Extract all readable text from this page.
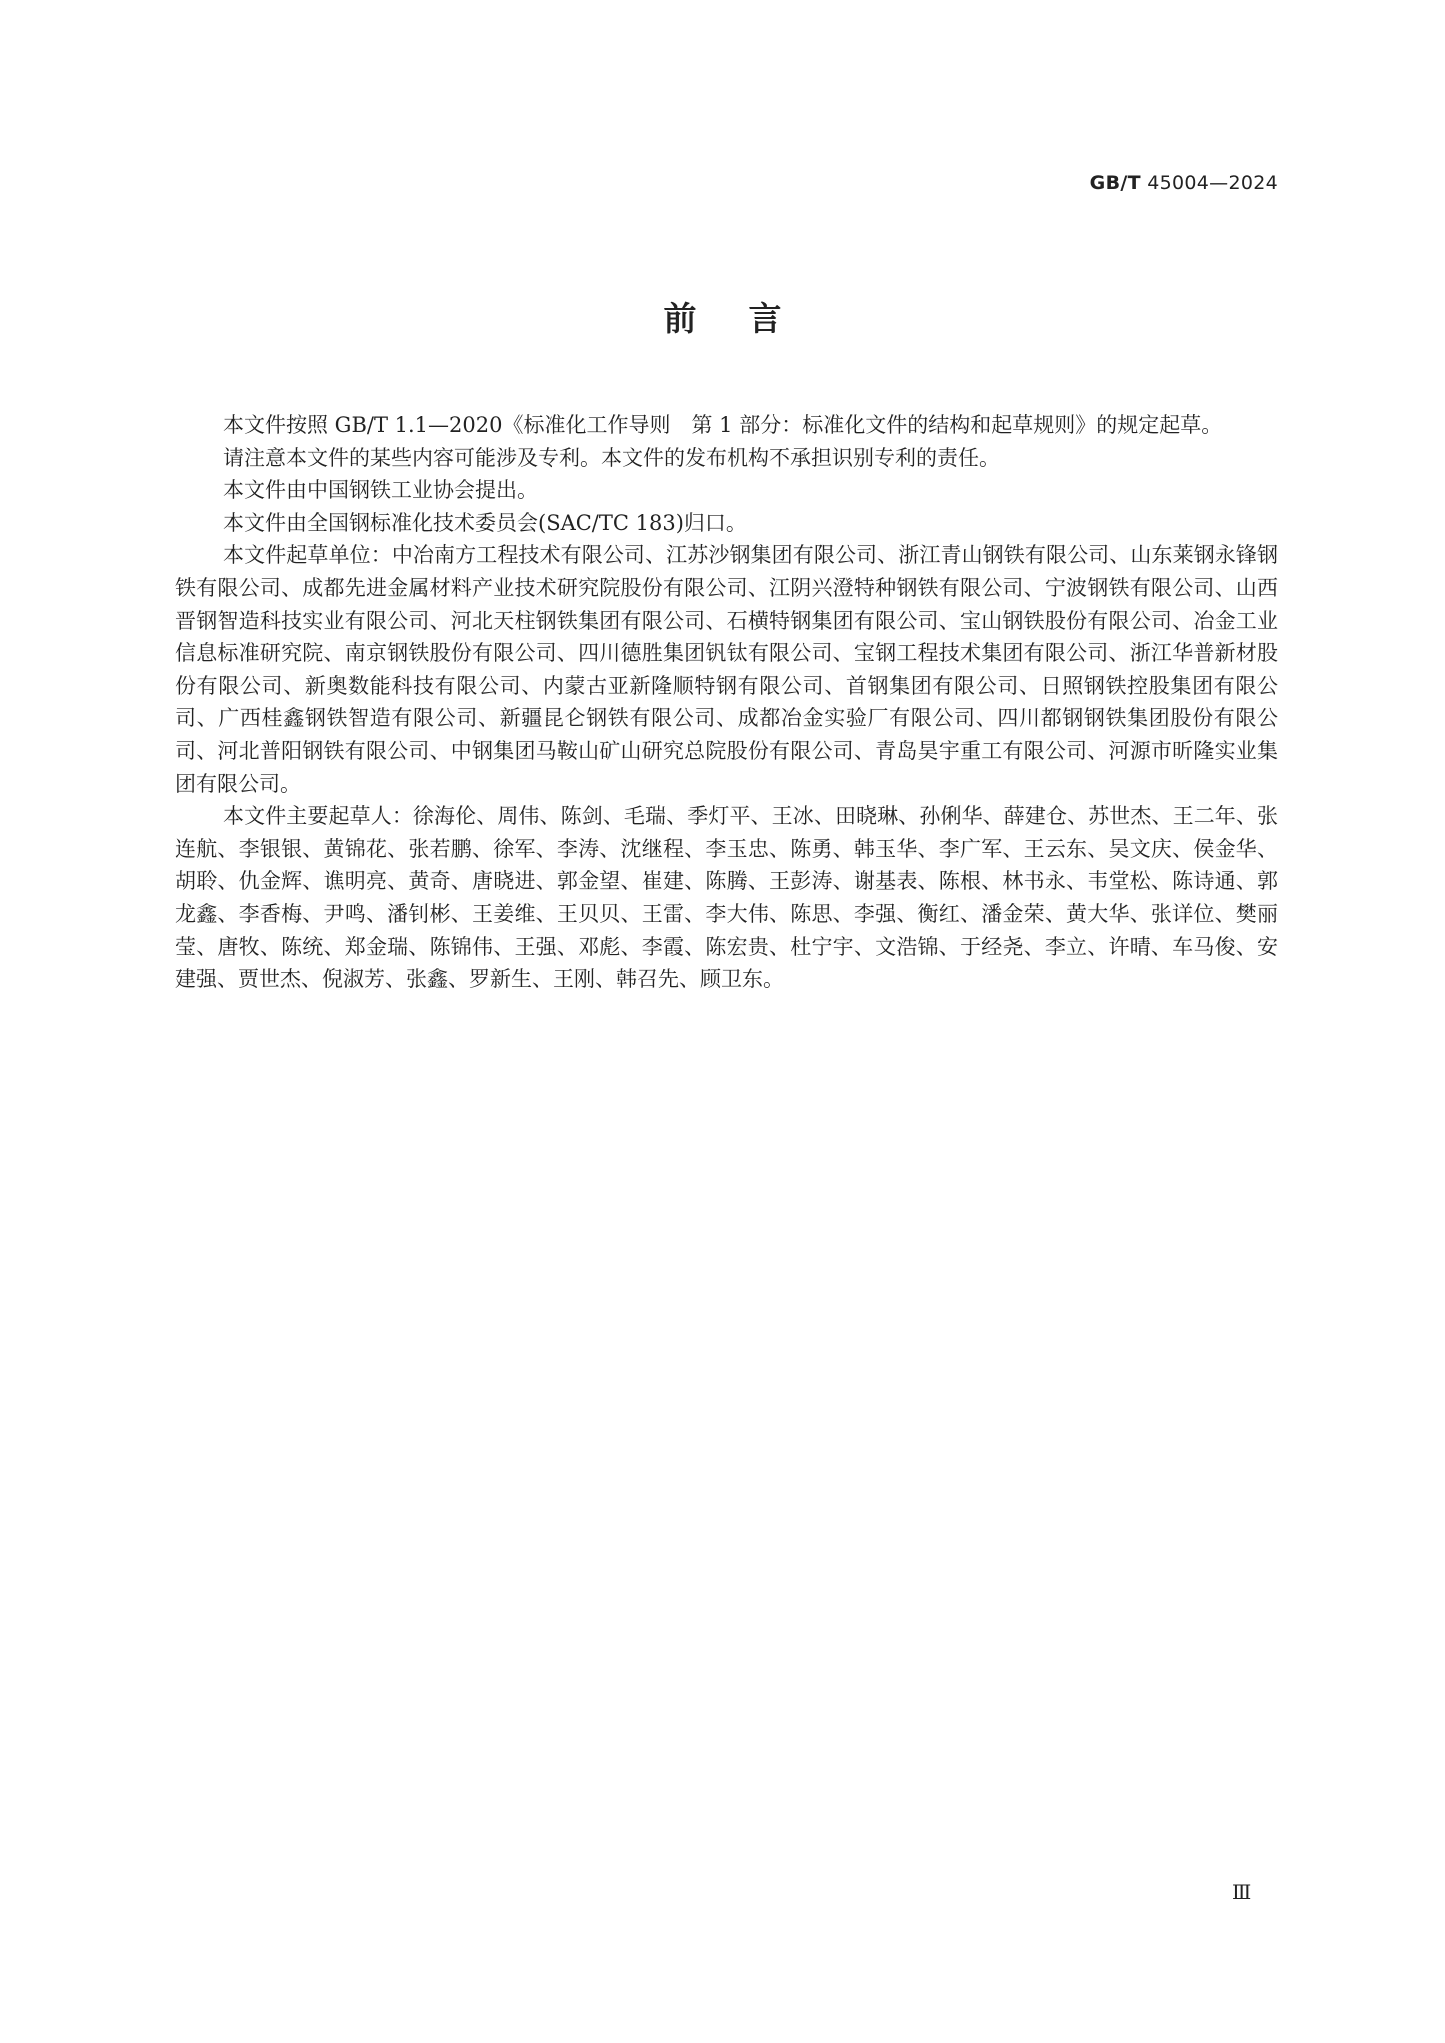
GB/T 45004—2024
前言

本文件按照 GB/T 1.1—2020《标准化工作导则　第 1 部分：标准化文件的结构和起草规则》的规定起草。

请注意本文件的某些内容可能涉及专利。本文件的发布机构不承担识别专利的责任。

本文件由中国钢铁工业协会提出。

本文件由全国钢标准化技术委员会(SAC/TC 183)归口。

本文件起草单位：中冶南方工程技术有限公司、江苏沙钢集团有限公司、浙江青山钢铁有限公司、山东莱钢永锋钢铁有限公司、成都先进金属材料产业技术研究院股份有限公司、江阴兴澄特种钢铁有限公司、宁波钢铁有限公司、山西晋钢智造科技实业有限公司、河北天柱钢铁集团有限公司、石横特钢集团有限公司、宝山钢铁股份有限公司、冶金工业信息标准研究院、南京钢铁股份有限公司、四川德胜集团钒钛有限公司、宝钢工程技术集团有限公司、浙江华普新材股份有限公司、新奥数能科技有限公司、内蒙古亚新隆顺特钢有限公司、首钢集团有限公司、日照钢铁控股集团有限公司、广西桂鑫钢铁智造有限公司、新疆昆仑钢铁有限公司、成都冶金实验厂有限公司、四川都钢钢铁集团股份有限公司、河北普阳钢铁有限公司、中钢集团马鞍山矿山研究总院股份有限公司、青岛昊宇重工有限公司、河源市昕隆实业集团有限公司。

本文件主要起草人：徐海伦、周伟、陈剑、毛瑞、季灯平、王冰、田晓琳、孙俐华、薛建仓、苏世杰、王二年、张连航、李银银、黄锦花、张若鹏、徐军、李涛、沈继程、李玉忠、陈勇、韩玉华、李广军、王云东、吴文庆、侯金华、胡聆、仇金辉、谯明亮、黄奇、唐晓进、郭金望、崔建、陈腾、王彭涛、谢基表、陈根、林书永、韦堂松、陈诗通、郭龙鑫、李香梅、尹鸣、潘钊彬、王姜维、王贝贝、王雷、李大伟、陈思、李强、衡红、潘金荣、黄大华、张详位、樊丽莹、唐牧、陈统、郑金瑞、陈锦伟、王强、邓彪、李霞、陈宏贵、杜宁宇、文浩锦、于经尧、李立、许晴、车马俊、安建强、贾世杰、倪淑芳、张鑫、罗新生、王刚、韩召先、顾卫东。

Ⅲ
